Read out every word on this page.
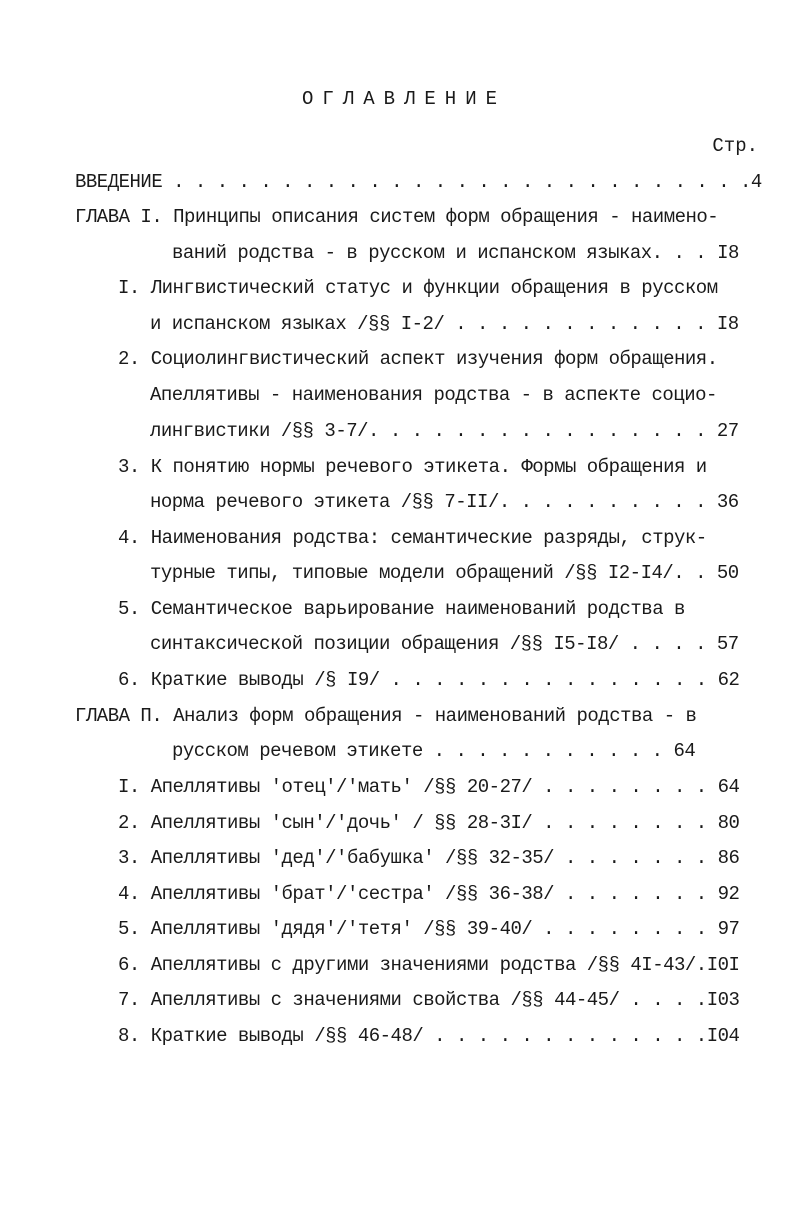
ОГЛАВЛЕНИЕ
Стр.
ВВЕДЕНИЕ . . . . . . . . . . . . . . . . . . . . . . . . . . .4
ГЛАВА I. Принципы описания систем форм обращения - наимено-
ваний родства - в русском и испанском языках. . . I8
I. Лингвистический статус и функции обращения в русском
и испанском языках /§§ I-2/ . . . . . . . . . . . . I8
2. Социолингвистический аспект изучения форм обращения.
Апеллятивы - наименования родства - в аспекте социо-
лингвистики /§§ 3-7/. . . . . . . . . . . . . . . . 27
3. К понятию нормы речевого этикета. Формы обращения и
норма речевого этикета /§§ 7-II/. . . . . . . . . . 36
4. Наименования родства: семантические разряды, струк-
турные типы, типовые модели обращений /§§ I2-I4/. . 50
5. Семантическое варьирование наименований родства в
синтаксической позиции обращения /§§ I5-I8/ . . . . 57
6. Краткие выводы /§ I9/ . . . . . . . . . . . . . . . 62
ГЛАВА П. Анализ форм обращения - наименований родства - в
русском речевом этикете . . . . . . . . . . . 64
I. Апеллятивы 'отец'/'мать' /§§ 20-27/ . . . . . . . . 64
2. Апеллятивы 'сын'/'дочь' / §§ 28-3I/ . . . . . . . . 80
3. Апеллятивы 'дед'/'бабушка' /§§ 32-35/ . . . . . . . 86
4. Апеллятивы 'брат'/'сестра' /§§ 36-38/ . . . . . . . 92
5. Апеллятивы 'дядя'/'тетя' /§§ 39-40/ . . . . . . . . 97
6. Апеллятивы с другими значениями родства /§§ 4I-43/.I0I
7. Апеллятивы с значениями свойства /§§ 44-45/ . . . .I03
8. Краткие выводы /§§ 46-48/ . . . . . . . . . . . . .I04
